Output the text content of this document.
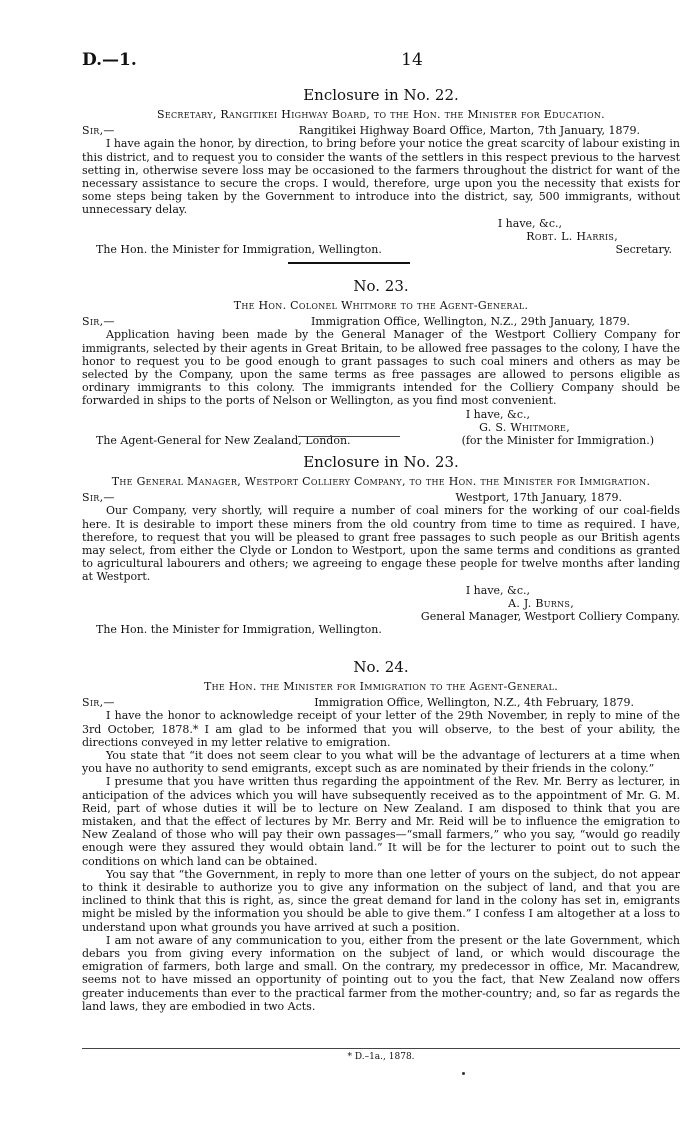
D.—1.	14
Enclosure in No. 22.
Secretary, Rangitikei Highway Board, to the Hon. the Minister for Education.
Sir,—	Rangitikei Highway Board Office, Marton, 7th January, 1879.

I have again the honor, by direction, to bring before your notice the great scarcity of labour existing in this district, and to request you to consider the wants of the settlers in this respect previous to the harvest setting in, otherwise severe loss may be occasioned to the farmers throughout the district for want of the necessary assistance to secure the crops. I would, therefore, urge upon you the necessity that exists for some steps being taken by the Government to introduce into the district, say, 500 immigrants, without unnecessary delay.

I have, &c.,
Robt. L. Harris,
The Hon. the Minister for Immigration, Wellington.	Secretary.
No. 23.
The Hon. Colonel Whitmore to the Agent-General.
Sir,—	Immigration Office, Wellington, N.Z., 29th January, 1879.

Application having been made by the General Manager of the Westport Colliery Company for immigrants, selected by their agents in Great Britain, to be allowed free passages to the colony, I have the honor to request you to be good enough to grant passages to such coal miners and others as may be selected by the Company, upon the same terms as free passages are allowed to persons eligible as ordinary immigrants to this colony. The immigrants intended for the Colliery Company should be forwarded in ships to the ports of Nelson or Wellington, as you find most convenient.

I have, &c.,
G. S. Whitmore,
The Agent-General for New Zealand, London.	(for the Minister for Immigration.)
Enclosure in No. 23.
The General Manager, Westport Colliery Company, to the Hon. the Minister for Immigration.
Sir,—	Westport, 17th January, 1879.

Our Company, very shortly, will require a number of coal miners for the working of our coal-fields here. It is desirable to import these miners from the old country from time to time as required. I have, therefore, to request that you will be pleased to grant free passages to such people as our British agents may select, from either the Clyde or London to Westport, upon the same terms and conditions as granted to agricultural labourers and others; we agreeing to engage these people for twelve months after landing at Westport.

I have, &c.,
A. J. Burns,
General Manager, Westport Colliery Company.
The Hon. the Minister for Immigration, Wellington.
No. 24.
The Hon. the Minister for Immigration to the Agent-General.
Sir,—	Immigration Office, Wellington, N.Z., 4th February, 1879.

I have the honor to acknowledge receipt of your letter of the 29th November, in reply to mine of the 3rd October, 1878.* I am glad to be informed that you will observe, to the best of your ability, the directions conveyed in my letter relative to emigration.

You state that “it does not seem clear to you what will be the advantage of lecturers at a time when you have no authority to send emigrants, except such as are nominated by their friends in the colony.”

I presume that you have written thus regarding the appointment of the Rev. Mr. Berry as lecturer, in anticipation of the advices which you will have subsequently received as to the appointment of Mr. G. M. Reid, part of whose duties it will be to lecture on New Zealand. I am disposed to think that you are mistaken, and that the effect of lectures by Mr. Berry and Mr. Reid will be to influence the emigration to New Zealand of those who will pay their own passages—“small farmers,” who you say, “would go readily enough were they assured they would obtain land.” It will be for the lecturer to point out to such the conditions on which land can be obtained.

You say that “the Government, in reply to more than one letter of yours on the subject, do not appear to think it desirable to authorize you to give any information on the subject of land, and that you are inclined to think that this is right, as, since the great demand for land in the colony has set in, emigrants might be misled by the information you should be able to give them.” I confess I am altogether at a loss to understand upon what grounds you have arrived at such a position.

I am not aware of any communication to you, either from the present or the late Government, which debars you from giving every information on the subject of land, or which would discourage the emigration of farmers, both large and small. On the contrary, my predecessor in office, Mr. Macandrew, seems not to have missed an opportunity of pointing out to you the fact, that New Zealand now offers greater inducements than ever to the practical farmer from the mother-country; and, so far as regards the land laws, they are embodied in two Acts.

* D.–1a., 1878.
